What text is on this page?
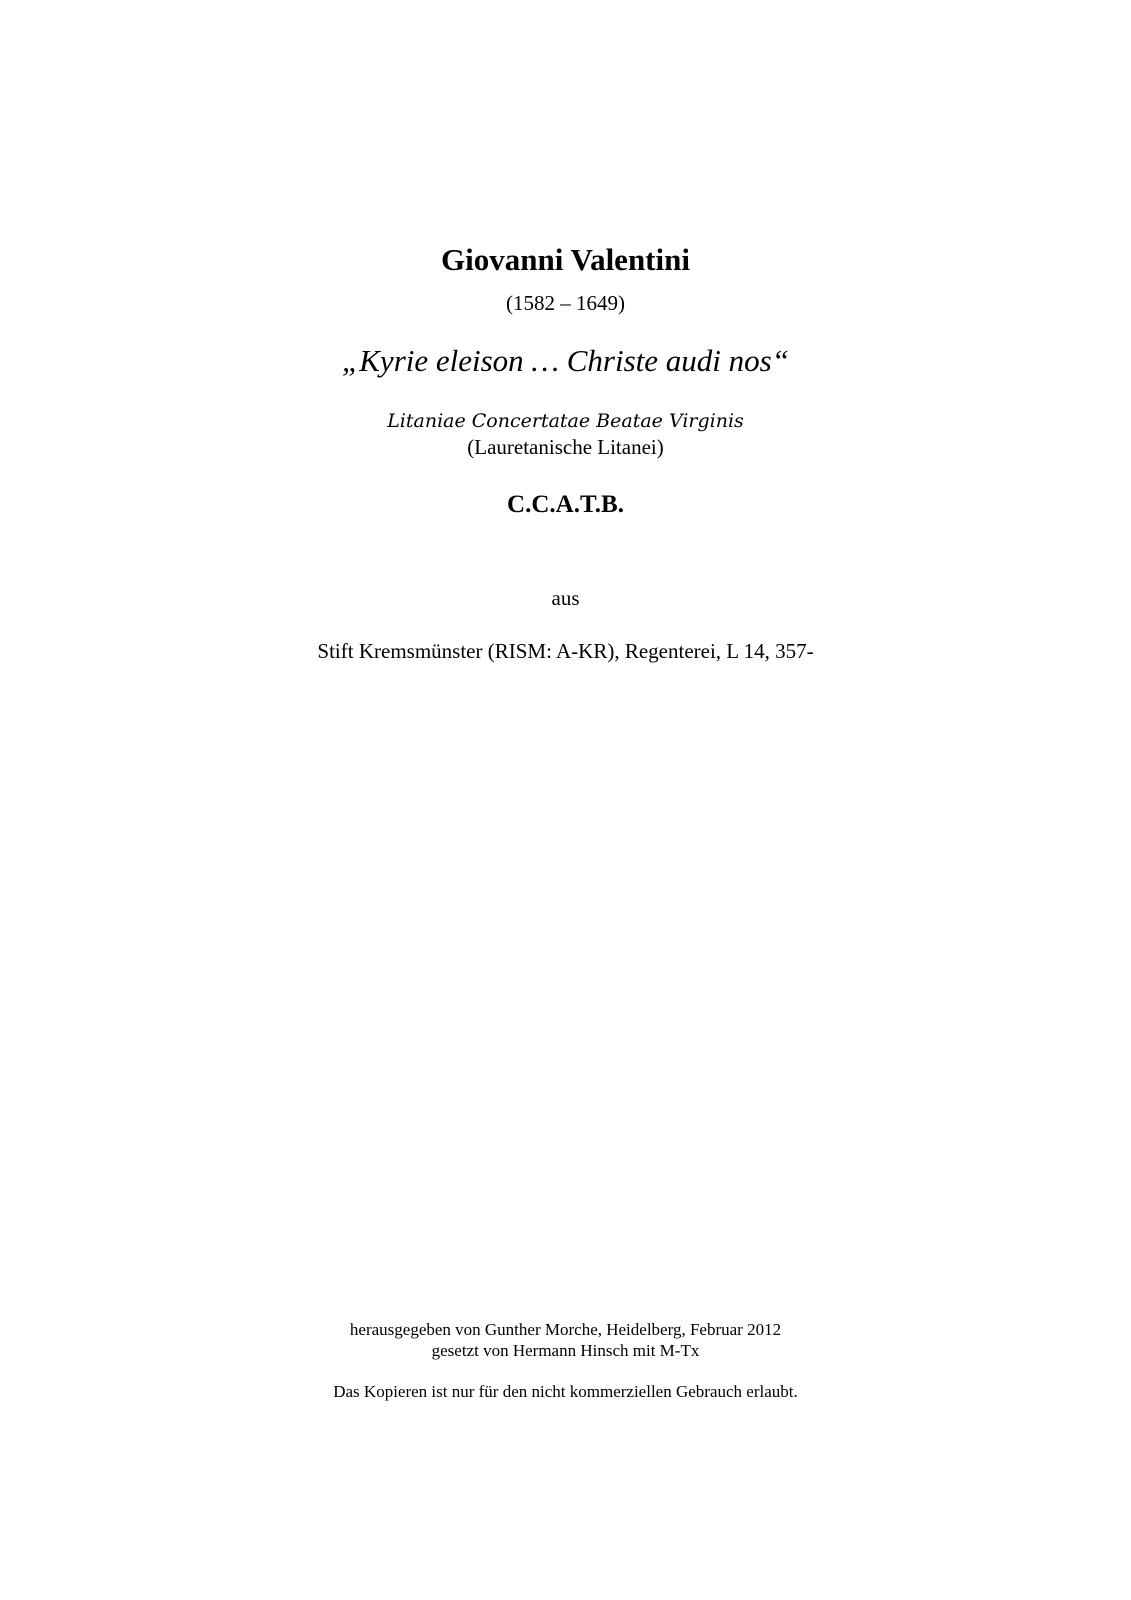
Giovanni Valentini
(1582 – 1649)
„Kyrie eleison … Christe audi nos“
Litaniae Concertatae Beatae Virginis
(Lauretanische Litanei)
C.C.A.T.B.
aus
Stift Kremsmünster (RISM: A-KR), Regenterei, L 14, 357-
herausgegeben von Gunther Morche, Heidelberg, Februar 2012
gesetzt von Hermann Hinsch mit M-Tx
Das Kopieren ist nur für den nicht kommerziellen Gebrauch erlaubt.
